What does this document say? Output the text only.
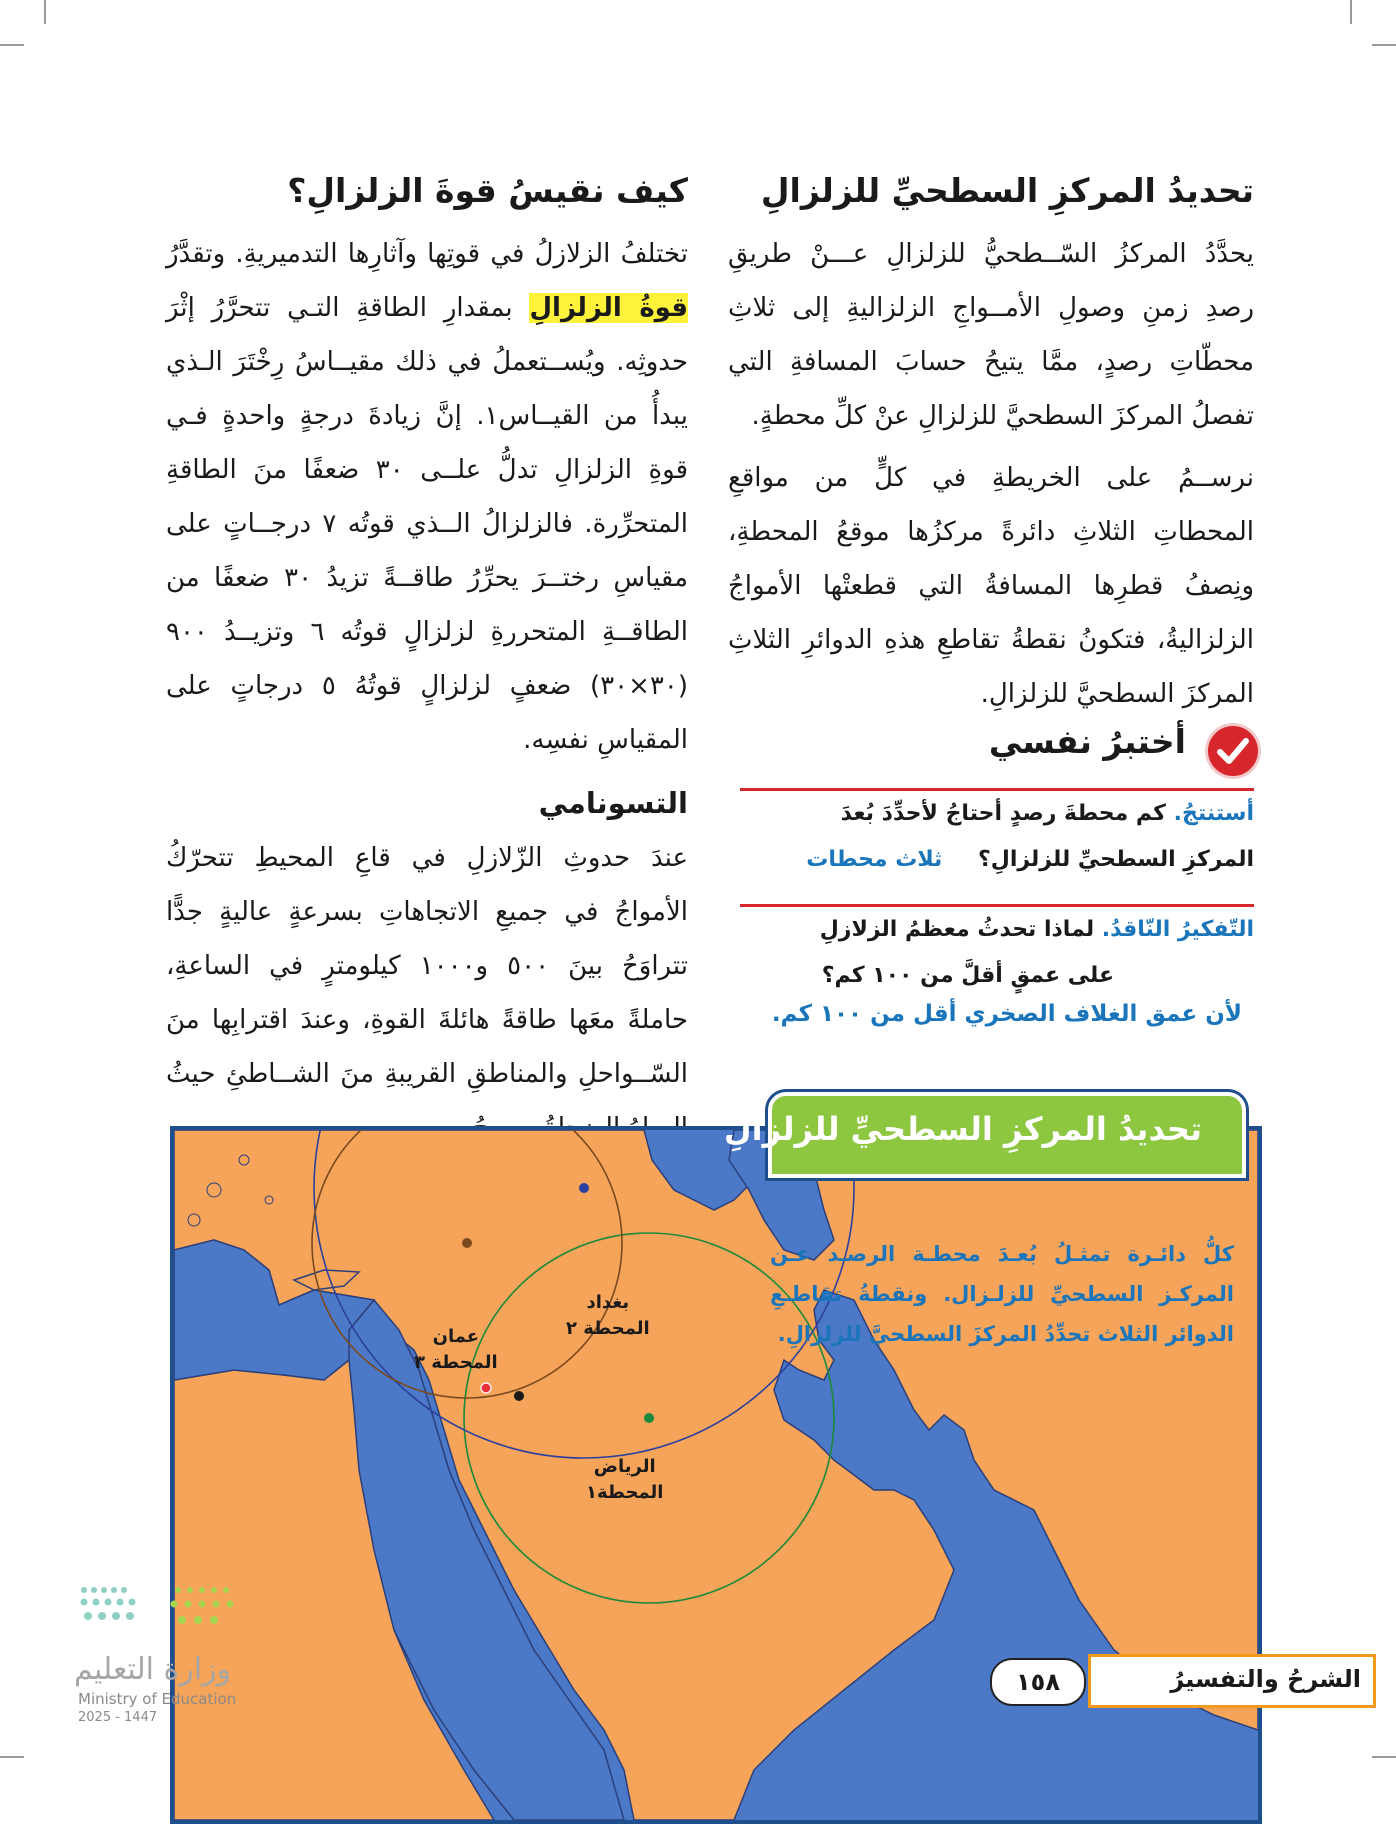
تحديدُ المركزِ السطحيِّ للزلزالِ

يحدَّدُ المركزُ السّــطحيُّ للزلزالِ عـــنْ طريقِ رصدِ زمنِ وصولِ الأمــواجِ الزلزاليةِ إلى ثلاثِ محطّاتِ رصدٍ، ممَّا يتيحُ حسابَ المسافةِ التي تفصلُ المركزَ السطحيَّ للزلزالِ عنْ كلِّ محطةٍ.

نرســمُ على الخريطةِ في كلٍّ من مواقعِ المحطاتِ الثلاثِ دائرةً مركزُها موقعُ المحطةِ، ونِصفُ قطرِها المسافةُ التي قطعتْها الأمواجُ الزلزاليةُ، فتكونُ نقطةُ تقاطعِ هذهِ الدوائرِ الثلاثِ المركزَ السطحيَّ للزلزالِ.

أختبرُ نفسي
أستنتجُ. كم محطةَ رصدٍ أحتاجُ لأحدِّدَ بُعدَ
المركزِ السطحيِّ للزلزالِ؟ ثلاث محطات
التّفكيرُ النّاقدُ. لماذا تحدثُ معظمُ الزلازلِ
على عمقٍ أقلَّ من ١٠٠ كم؟
لأن عمق الغلاف الصخري أقل من ١٠٠ كم.
كيف نقيسُ قوةَ الزلزالِ؟

تختلفُ الزلازلُ في قوتِها وآثارِها التدميريةِ. وتقدَّرُ قوةُ الزلزالِ بمقدارِ الطاقةِ التـي تتحرَّرُ إثْرَ حدوثِه. ويُســتعملُ في ذلك مقيــاسُ رِخْتَرَ الـذي يبدأُ من القيــاس١. إنَّ زيادةَ درجةٍ واحدةٍ فـي قوةِ الزلزالِ تدلُّ علــى ٣٠ ضعفًا منَ الطاقةِ المتحرِّرة. فالزلزالُ الــذي قوتُه ٧ درجــاتٍ على مقياسِ رختــرَ يحرِّرُ طاقــةً تزيدُ ٣٠ ضعفًا من الطاقــةِ المتحررةِ لزلزالٍ قوتُه ٦ وتزيــدُ ٩٠٠ (٣٠×٣٠) ضعفٍ لزلزالٍ قوتُهُ ٥ درجاتٍ على المقياسِ نفسِه.

التسونامي

عندَ حدوثِ الزّلازلِ في قاعِ المحيطِ تتحرّكُ الأمواجُ في جميعِ الاتجاهاتِ بسرعةٍ عاليةٍ جدًّا تتراوَحُ بينَ ٥٠٠ و١٠٠٠ كيلومترٍ في الساعةِ، حاملةً معَها طاقةً هائلةَ القوةِ، وعندَ اقترابِها منَ السّــواحلِ والمناطقِ القريبةِ منَ الشــاطئِ حيثُ

بغداد
المحطة ٢
عمان
المحطة ٣
الرياض
المحطة١
كلُّ دائـرة تمثـلُ بُعـدَ محطـة الرصـد عـن المركـز السطحيِّ للزلـزال. ونقطةُ تقاطـعِ الدوائر الثلاث تحدِّدُ المركزَ السطحيَّ للزلزالِ.
تحديدُ المركزِ السطحيِّ للزلزالِ
الشرحُ والتفسيرُ
١٥٨
وزارة التعليم
Ministry of Education
2025 - 1447
